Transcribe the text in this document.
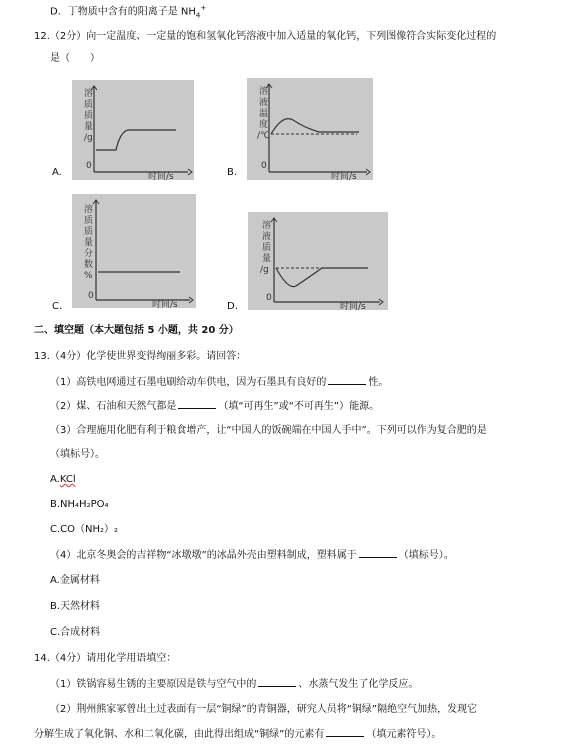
D．丁物质中含有的阳离子是 $NH_4^+$
12.（2分）向一定温度、一定量的饱和氢氧化钙溶液中加入适量的氧化钙，下列图像符合实际变化过程的
是（　　）
溶
质
质
量
/g
0
时间/s
A.
溶
液
温
度
/℃
0
时间/s
B.
溶
质
质
量
分
数
%
0
时间/s
C.
溶
液
质
量
/g
0
时间/s
D.
二、填空题（本大题包括 5 小题，共 20 分）
13.（4分）化学使世界变得绚丽多彩。请回答：
（1）高铁电网通过石墨电刷给动车供电，因为石墨具有良好的	性。
（2）煤、石油和天然气都是	（填“可再生”或“不可再生”）能源。
（3）合理施用化肥有利于粮食增产，让“中国人的饭碗端在中国人手中”。下列可以作为复合肥的是
（填标号）。
A.KCl
B.NH₄H₂PO₄
C.CO（NH₂）₂
（4）北京冬奥会的吉祥物“冰墩墩”的冰晶外壳由塑料制成，塑料属于	（填标号）。
A.金属材料
B.天然材料
C.合成材料
14.（4分）请用化学用语填空：
（1）铁锅容易生锈的主要原因是铁与空气中的	、水蒸气发生了化学反应。
（2）荆州熊家冢曾出土过表面有一层“铜绿”的青铜器，研究人员将“铜绿”隔绝空气加热，发现它
分解生成了氧化铜、水和二氧化碳，由此得出组成“铜绿”的元素有	（填元素符号）。
